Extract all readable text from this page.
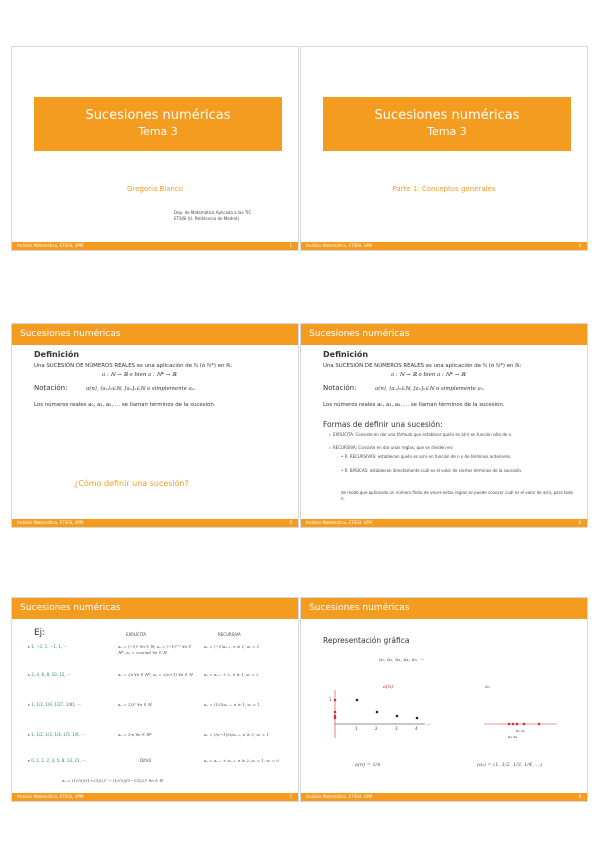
Sucesiones numéricas
Tema 3
Gregoria Blanco
Dep. de Matemática Aplicada a las TIC
ETSISI (U. Politécnica de Madrid)
Análisis Matemático, ETSISI, UPM	1
Sucesiones numéricas
Tema 3
Parte 1: Conceptos generales
Análisis Matemático, ETSISI, UPM	4
Sucesiones numéricas
Definición
Una SUCESIÓN DE NÚMEROS REALES es una aplicación de ℕ (ó ℕ*) en ℝ:
a : ℕ → ℝ o bien a : ℕ* → ℝ
Notación:	a(n), (aₙ)ₙ∈ℕ, [aₙ]ₙ∈ℕ o simplemente aₙ.
Los números reales a₀, a₁, a₂, … se llaman términos de la sucesión.
¿Cómo definir una sucesión?
Análisis Matemático, ETSISI, UPM	5
Sucesiones numéricas
Definición
Una SUCESIÓN DE NÚMEROS REALES es una aplicación de ℕ (ó ℕ*) en ℝ:
a : ℕ → ℝ o bien a : ℕ* → ℝ
Notación:	a(n), (aₙ)ₙ∈ℕ, [aₙ]ₙ∈ℕ o simplemente aₙ.
Los números reales a₀, a₁, a₂, … se llaman términos de la sucesión.
Formas de definir una sucesión:
▸ EXPLÍCITA: Consiste en dar una fórmula que establece quién es a(n) en función sólo de n.
▸ RECURSIVA: Consiste en dar unas reglas, que se dividen en:
• R. RECURSIVAS: establecen quién es a(n) en función de n y de términos anteriores.
• R. BÁSICAS: establecen directamente cuál es el valor de ciertos términos de la sucesión.
de modo que aplicando un número finito de veces estas reglas se puede conocer cuál es el valor de a(n), para todo n.
Análisis Matemático, ETSISI, UPM	6
Sucesiones numéricas
Ej:	EXPLÍCITA	RECURSIVA
▸ 1, −1, 1, −1, 1, ···	aₙ = (−1)ⁿ ∀n ∈ ℕ; aₙ = (−1)ⁿ⁺¹ ∀n ∈ ℕ*; aₙ = cos(nπ) ∀n ∈ ℕ
aₙ = (−1)aₙ₋₁, n ≥ 1; a₀ = 1
▸ 2, 4, 6, 8, 10, 12, ···	aₙ = 2n ∀n ∈ ℕ*; aₙ = 2(n+1) ∀n ∈ ℕ	aₙ = aₙ₋₁ + 2, n ≥ 1; a₀ = 2
▸ 1, 1/3, 1/9, 1/27, 1/81, ···	aₙ = 1/3ⁿ ∀n ∈ ℕ	aₙ = (1/3)aₙ₋₁, n ≥ 1; a₀ = 1
▸ 1, 1/2, 1/3, 1/4, 1/5, 1/6, ···	aₙ = 1/n ∀n ∈ ℕ*	aₙ = ((n−1)/n)aₙ₋₁, n ≥ 2; a₁ = 1
▸ 0, 1, 1, 2, 3, 5, 8, 13, 21, ···	Difícil	aₙ = aₙ₋₁ + aₙ₋₂, n ≥ 2; a₀ = 1; a₁ = 0
aₙ = (1/√5)((1+√5)/2)ⁿ − (1/√5)((1−√5)/2)ⁿ ∀n ∈ ℕ
Análisis Matemático, ETSISI, UPM	7
Sucesiones numéricas
Representación gráfica
a₁, a₂, a₃, a₄, a₅, ···
a(n)	aₙ
1	2	3	4
···
1
a₂ a₁
a₃ a₄
a(n) = 1/n	(aₙ) = (1, 1/2, 1/3, 1/4, ...)
Análisis Matemático, ETSISI, UPM	8
